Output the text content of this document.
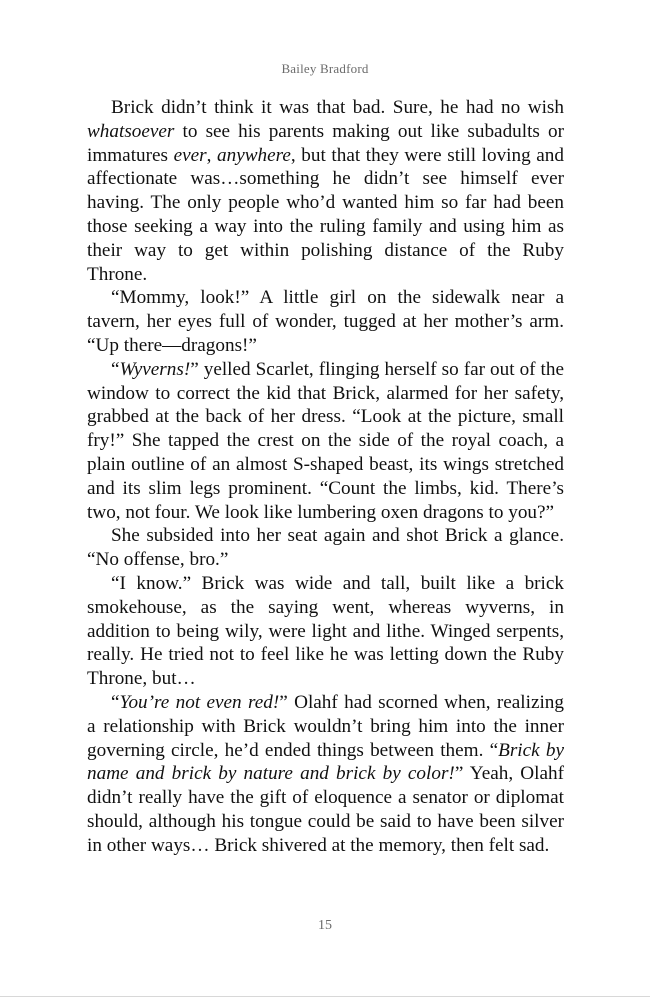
Bailey Bradford

Brick didn’t think it was that bad. Sure, he had no wish whatsoever to see his parents making out like subadults or immatures ever, anywhere, but that they were still loving and affectionate was…something he didn’t see himself ever having. The only people who’d wanted him so far had been those seeking a way into the ruling family and using him as their way to get within polishing distance of the Ruby Throne.

“Mommy, look!” A little girl on the sidewalk near a tavern, her eyes full of wonder, tugged at her mother’s arm. “Up there—dragons!”

“Wyverns!” yelled Scarlet, flinging herself so far out of the window to correct the kid that Brick, alarmed for her safety, grabbed at the back of her dress. “Look at the picture, small fry!” She tapped the crest on the side of the royal coach, a plain outline of an almost S-shaped beast, its wings stretched and its slim legs prominent. “Count the limbs, kid. There’s two, not four. We look like lumbering oxen dragons to you?”

She subsided into her seat again and shot Brick a glance. “No offense, bro.”

“I know.” Brick was wide and tall, built like a brick smokehouse, as the saying went, whereas wyverns, in addition to being wily, were light and lithe. Winged serpents, really. He tried not to feel like he was letting down the Ruby Throne, but…

“You’re not even red!” Olahf had scorned when, realizing a relationship with Brick wouldn’t bring him into the inner governing circle, he’d ended things between them. “Brick by name and brick by nature and brick by color!” Yeah, Olahf didn’t really have the gift of eloquence a senator or diplomat should, although his tongue could be said to have been silver in other ways… Brick shivered at the memory, then felt sad.

15
